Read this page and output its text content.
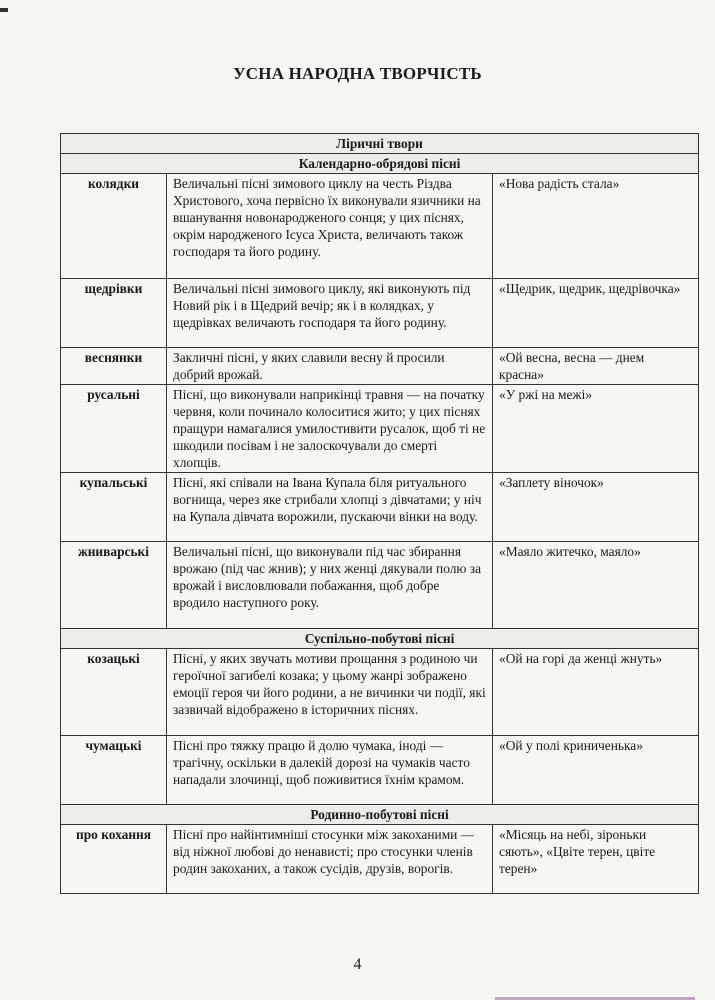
УСНА НАРОДНА ТВОРЧІСТЬ
Ліричні твори		
Календарно-обрядові пісні		
колядки	Величальні пісні зимового циклу на честь Різдва Христового, хоча первісно їх виконували язичники на вшанування новонародженого сонця; у цих піснях, окрім народженого Ісуса Христа, величають також господаря та його родину.	«Нова радість стала»
щедрівки	Величальні пісні зимового циклу, які виконують під Новий рік і в Щедрий вечір; як і в колядках, у щедрівках величають господаря та його родину.	«Щедрик, щедрик, щедрівочка»
веснянки	Закличні пісні, у яких славили весну й просили добрий врожай.	«Ой весна, весна — днем красна»
русальні	Пісні, що виконували наприкінці травня — на початку червня, коли починало колоситися жито; у цих піснях пращури намагалися умилостивити русалок, щоб ті не шкодили посівам і не залоскочували до смерті хлопців.	«У ржі на межі»
купальські	Пісні, які співали на Івана Купала біля ритуального вогнища, через яке стрибали хлопці з дівчатами; у ніч на Купала дівчата ворожили, пускаючи вінки на воду.	«Заплету віночок»
жниварські	Величальні пісні, що виконували під час збирання врожаю (під час жнив); у них женці дякували полю за врожай і висловлювали побажання, щоб добре вродило наступного року.	«Маяло житечко, маяло»
Суспільно-побутові пісні		
козацькі	Пісні, у яких звучать мотиви прощання з родиною чи героїчної загибелі козака; у цьому жанрі зображено емоції героя чи його родини, а не вичинки чи події, які зазвичай відображено в історичних піснях.	«Ой на горі да женці жнуть»
чумацькі	Пісні про тяжку працю й долю чумака, іноді — трагічну, оскільки в далекій дорозі на чумаків часто нападали злочинці, щоб поживитися їхнім крамом.	«Ой у полі криниченька»
Родинно-побутові пісні		
про кохання	Пісні про найінтимніші стосунки між закоханими — від ніжної любові до ненависті; про стосунки членів родин закоханих, а також сусідів, друзів, ворогів.	«Місяць на небі, зіроньки сяють», «Цвіте терен, цвіте терен»
4
